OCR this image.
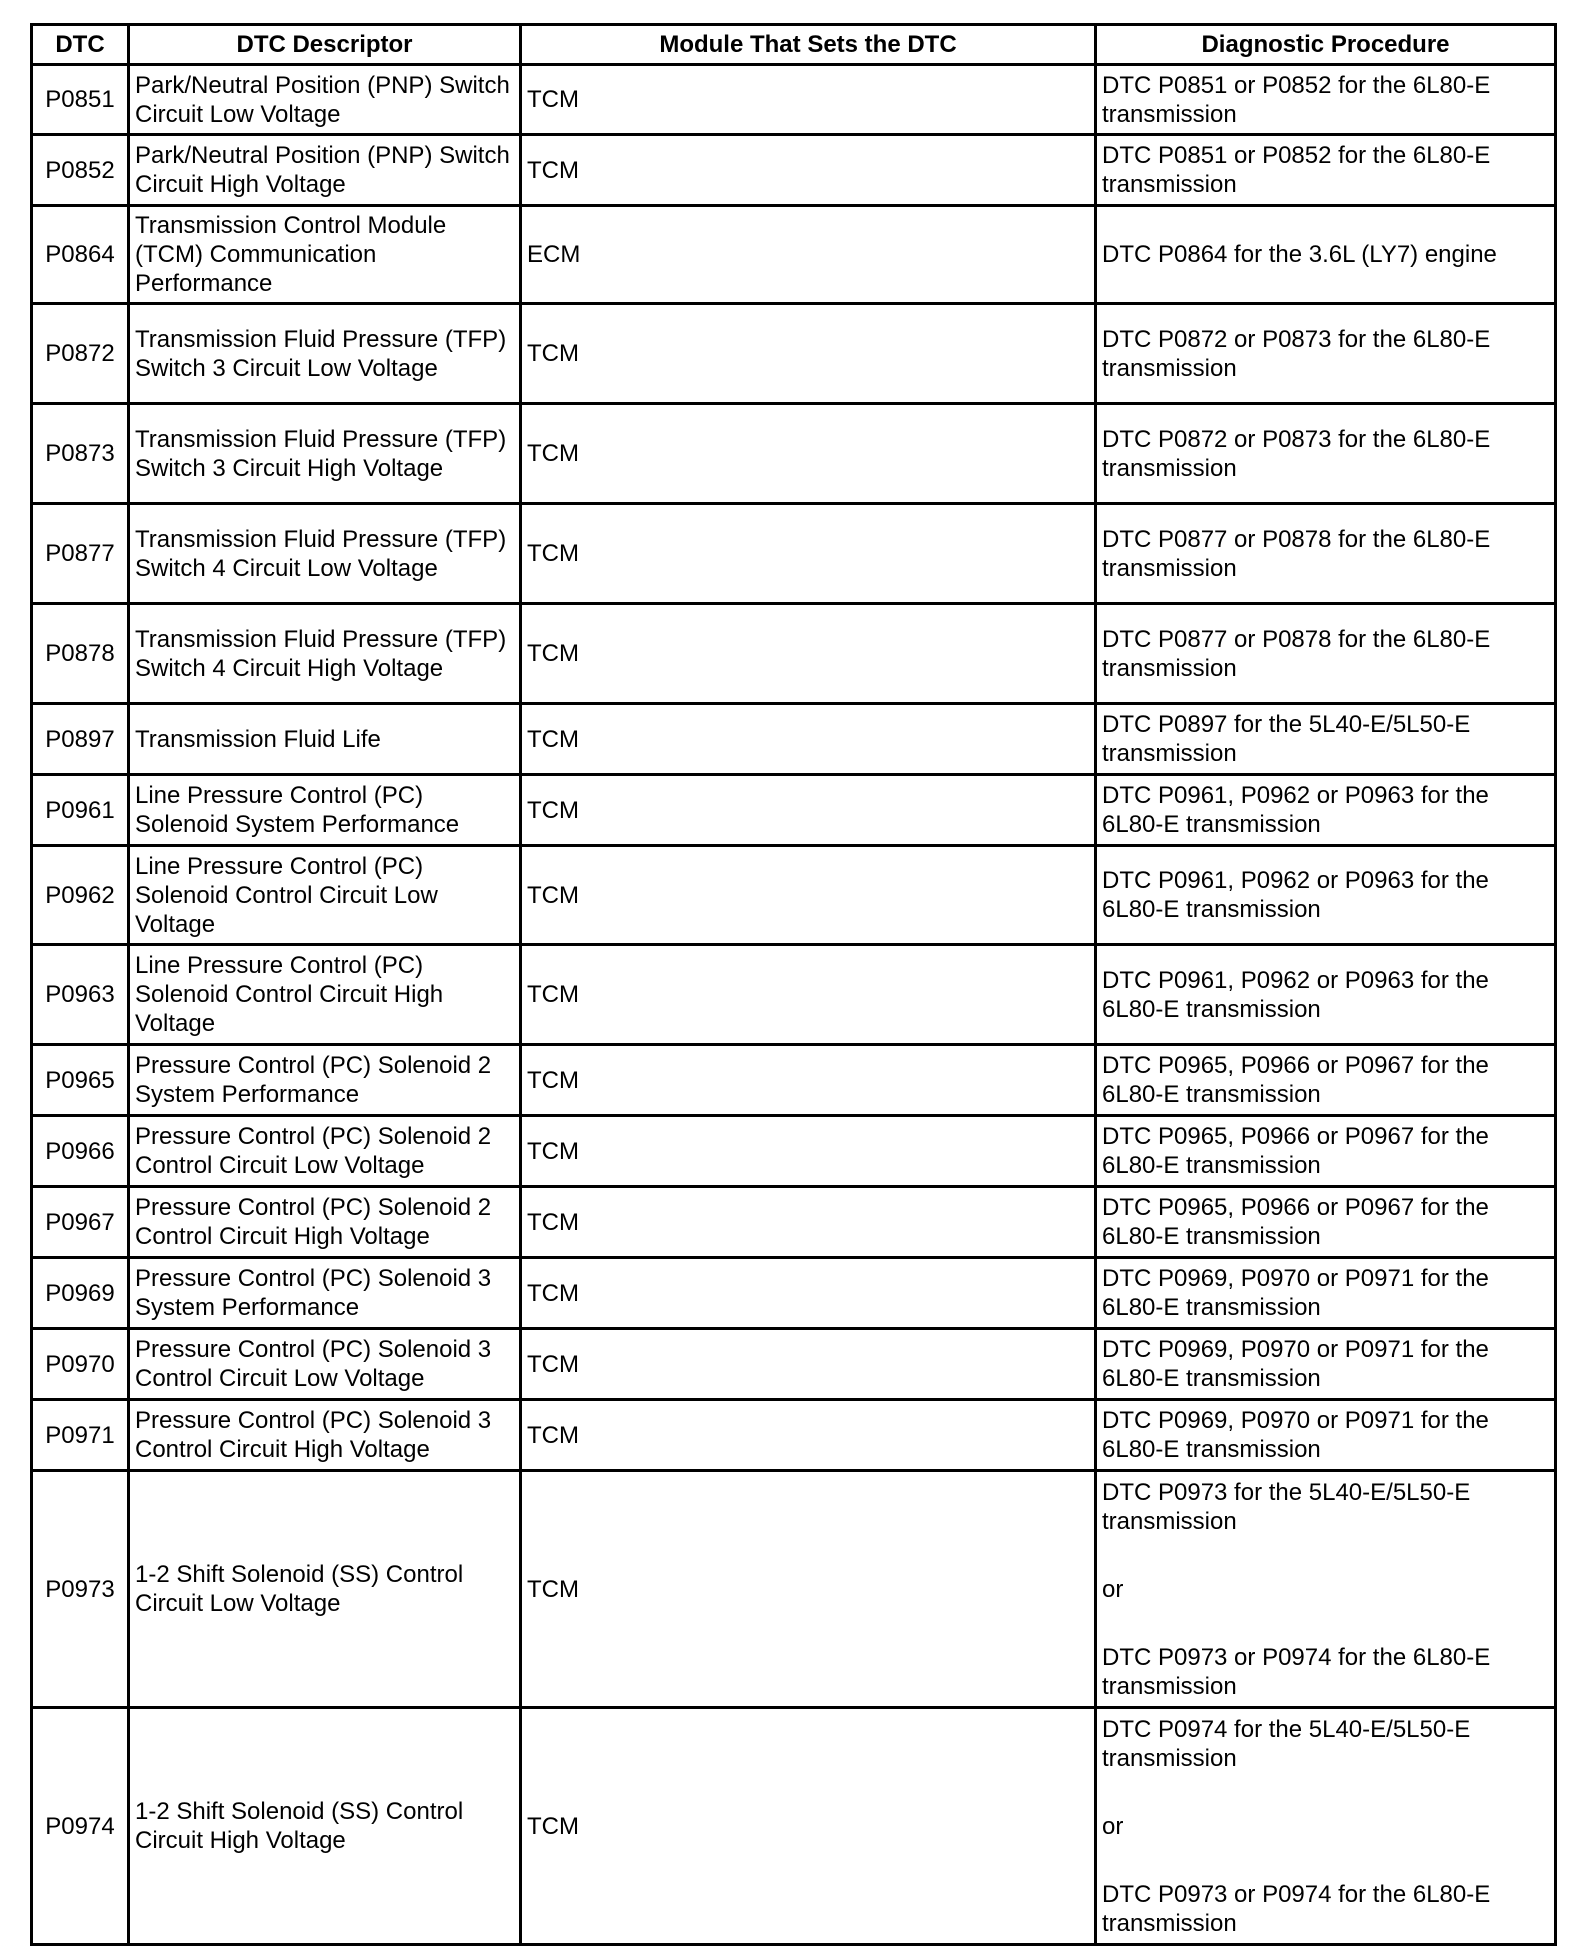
DTC	DTC Descriptor	Module That Sets the DTC	Diagnostic Procedure
P0851	Park/Neutral Position (PNP) Switch Circuit Low Voltage	TCM	DTC P0851 or P0852 for the 6L80-E transmission

P0852	Park/Neutral Position (PNP) Switch Circuit High Voltage	TCM	DTC P0851 or P0852 for the 6L80-E transmission

P0864	Transmission Control Module (TCM) Communication Performance	ECM	DTC P0864 for the 3.6L (LY7) engine

P0872	Transmission Fluid Pressure (TFP) Switch 3 Circuit Low Voltage	TCM	DTC P0872 or P0873 for the 6L80-E transmission

P0873	Transmission Fluid Pressure (TFP) Switch 3 Circuit High Voltage	TCM	DTC P0872 or P0873 for the 6L80-E transmission

P0877	Transmission Fluid Pressure (TFP) Switch 4 Circuit Low Voltage	TCM	DTC P0877 or P0878 for the 6L80-E transmission

P0878	Transmission Fluid Pressure (TFP) Switch 4 Circuit High Voltage	TCM	DTC P0877 or P0878 for the 6L80-E transmission

P0897	Transmission Fluid Life	TCM	DTC P0897 for the 5L40-E/5L50-E transmission

P0961	Line Pressure Control (PC) Solenoid System Performance	TCM	DTC P0961, P0962 or P0963 for the 6L80-E transmission

P0962	Line Pressure Control (PC) Solenoid Control Circuit Low Voltage	TCM	DTC P0961, P0962 or P0963 for the 6L80-E transmission

P0963	Line Pressure Control (PC) Solenoid Control Circuit High Voltage	TCM	DTC P0961, P0962 or P0963 for the 6L80-E transmission

P0965	Pressure Control (PC) Solenoid 2 System Performance	TCM	DTC P0965, P0966 or P0967 for the 6L80-E transmission

P0966	Pressure Control (PC) Solenoid 2 Control Circuit Low Voltage	TCM	DTC P0965, P0966 or P0967 for the 6L80-E transmission

P0967	Pressure Control (PC) Solenoid 2 Control Circuit High Voltage	TCM	DTC P0965, P0966 or P0967 for the 6L80-E transmission

P0969	Pressure Control (PC) Solenoid 3 System Performance	TCM	DTC P0969, P0970 or P0971 for the 6L80-E transmission

P0970	Pressure Control (PC) Solenoid 3 Control Circuit Low Voltage	TCM	DTC P0969, P0970 or P0971 for the 6L80-E transmission

P0971	Pressure Control (PC) Solenoid 3 Control Circuit High Voltage	TCM	DTC P0969, P0970 or P0971 for the 6L80-E transmission

P0973	1-2 Shift Solenoid (SS) Control Circuit Low Voltage	TCM	DTC P0973 for the 5L40-E/5L50-E transmission
or
DTC P0973 or P0974 for the 6L80-E transmission

P0974	1-2 Shift Solenoid (SS) Control Circuit High Voltage	TCM	DTC P0974 for the 5L40-E/5L50-E transmission
or
DTC P0973 or P0974 for the 6L80-E transmission
